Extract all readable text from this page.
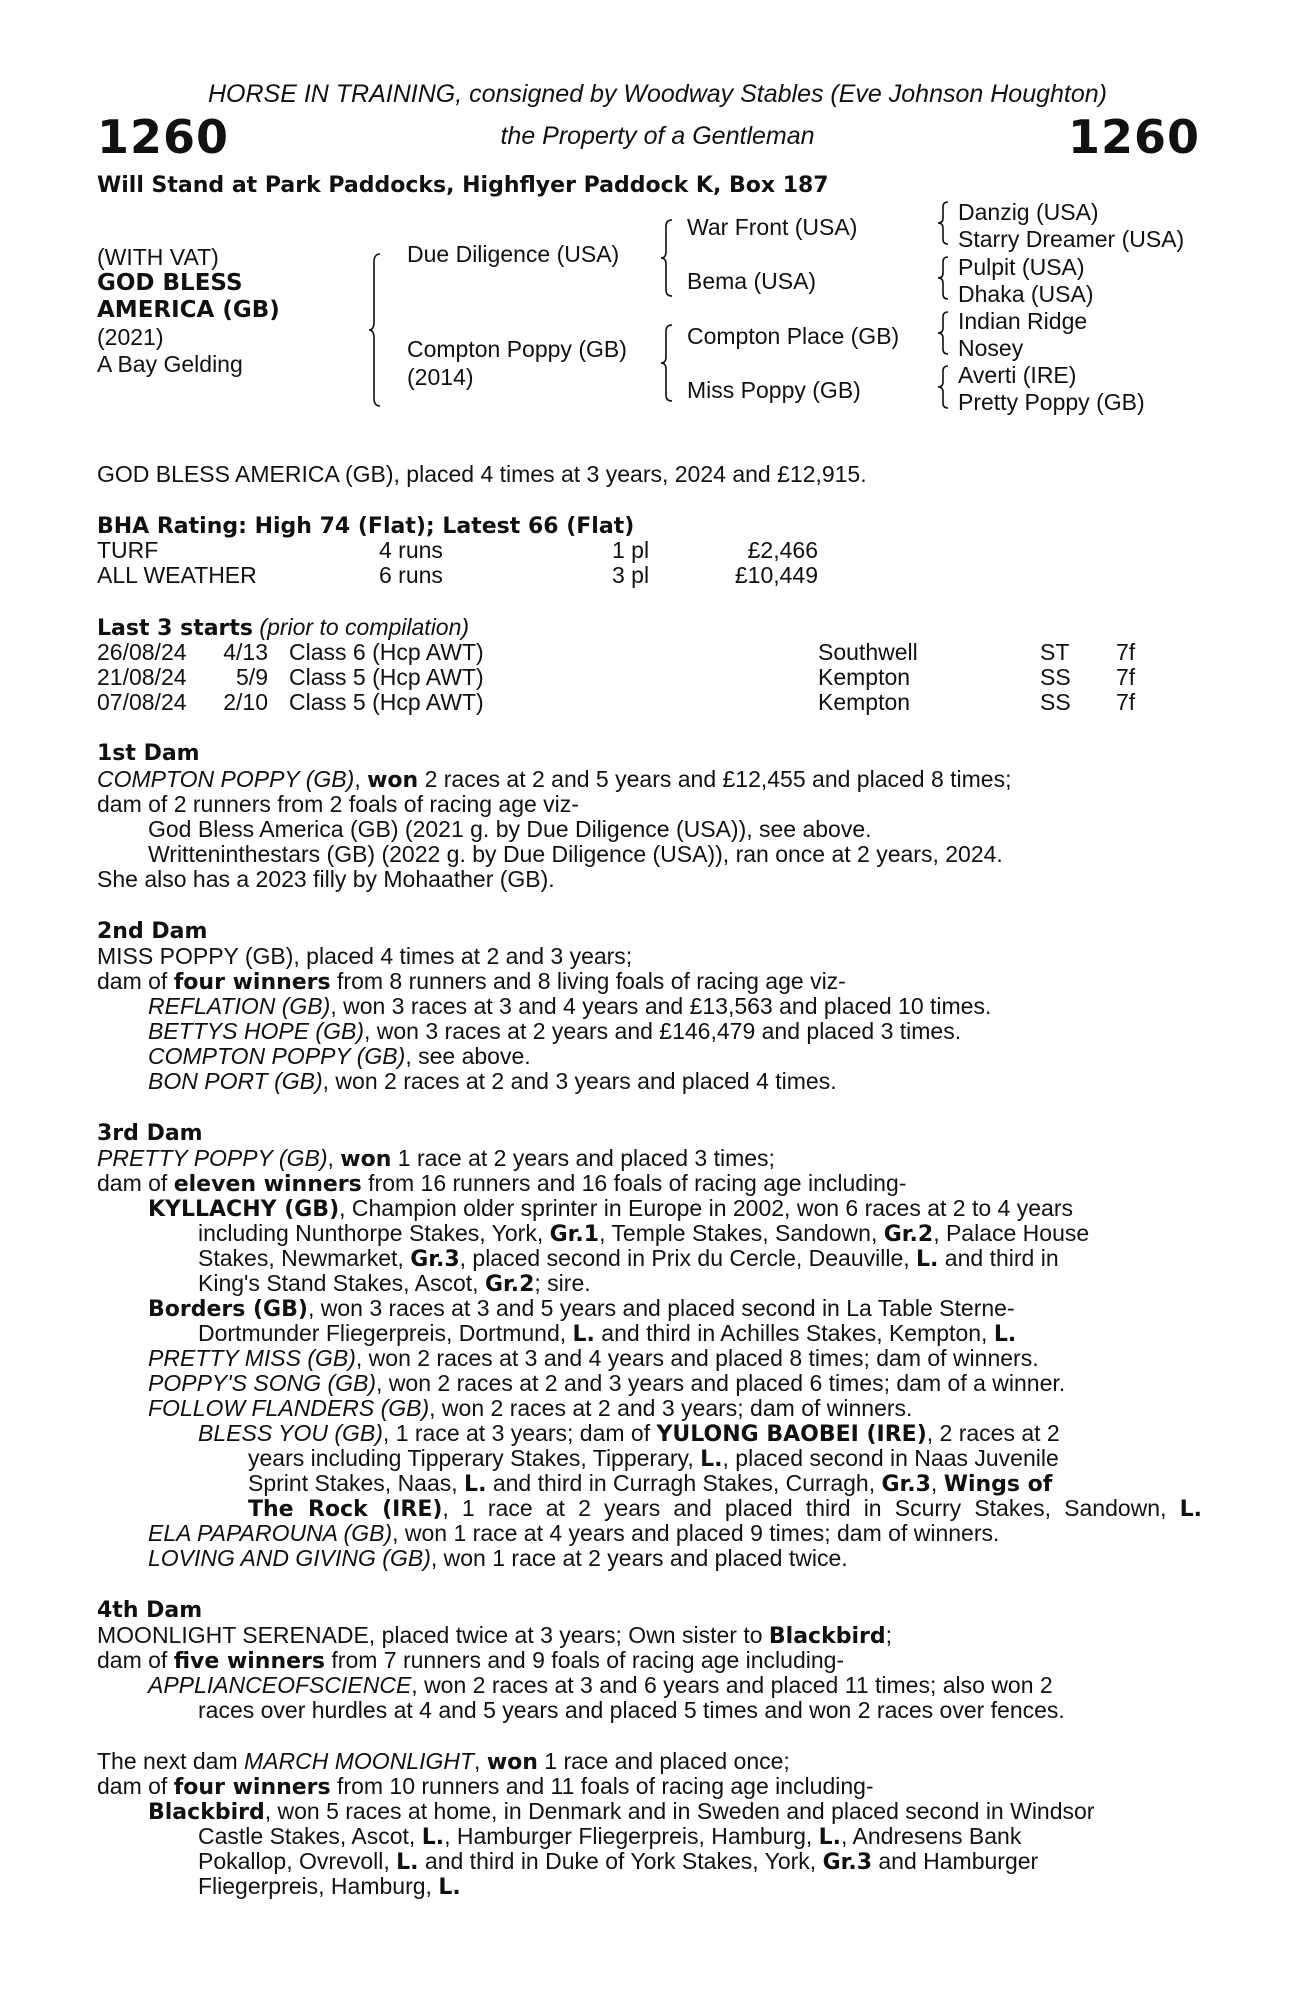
HORSE IN TRAINING, consigned by Woodway Stables (Eve Johnson Houghton)
1260	the Property of a Gentleman	1260
Will Stand at Park Paddocks, Highflyer Paddock K, Box 187
(WITH VAT)
GOD BLESS
AMERICA (GB)
(2021)
A Bay Gelding
Due Diligence (USA)
Compton Poppy (GB)
(2014)
War Front (USA)
Bema (USA)
Compton Place (GB)
Miss Poppy (GB)
Danzig (USA)
Starry Dreamer (USA)
Pulpit (USA)
Dhaka (USA)
Indian Ridge
Nosey
Averti (IRE)
Pretty Poppy (GB)
GOD BLESS AMERICA (GB), placed 4 times at 3 years, 2024 and £12,915.
BHA Rating: High 74 (Flat); Latest 66 (Flat)
TURF	4 runs	1 pl	£2,466
ALL WEATHER	6 runs	3 pl	£10,449
Last 3 starts (prior to compilation)
26/08/24	4/13 Class 6 (Hcp AWT)	Southwell	ST 7f
21/08/24	5/9 Class 5 (Hcp AWT)	Kempton	SS 7f
07/08/24	2/10 Class 5 (Hcp AWT)	Kempton	SS 7f
1st Dam
COMPTON POPPY (GB), won 2 races at 2 and 5 years and £12,455 and placed 8 times;
dam of 2 runners from 2 foals of racing age viz-
God Bless America (GB) (2021 g. by Due Diligence (USA)), see above.
Writteninthestars (GB) (2022 g. by Due Diligence (USA)), ran once at 2 years, 2024.
She also has a 2023 filly by Mohaather (GB).
2nd Dam
MISS POPPY (GB), placed 4 times at 2 and 3 years;
dam of four winners from 8 runners and 8 living foals of racing age viz-
REFLATION (GB), won 3 races at 3 and 4 years and £13,563 and placed 10 times.
BETTYS HOPE (GB), won 3 races at 2 years and £146,479 and placed 3 times.
COMPTON POPPY (GB), see above.
BON PORT (GB), won 2 races at 2 and 3 years and placed 4 times.
3rd Dam
PRETTY POPPY (GB), won 1 race at 2 years and placed 3 times;
dam of eleven winners from 16 runners and 16 foals of racing age including-
KYLLACHY (GB), Champion older sprinter in Europe in 2002, won 6 races at 2 to 4 years
including Nunthorpe Stakes, York, Gr.1, Temple Stakes, Sandown, Gr.2, Palace House
Stakes, Newmarket, Gr.3, placed second in Prix du Cercle, Deauville, L. and third in
King's Stand Stakes, Ascot, Gr.2; sire.
Borders (GB), won 3 races at 3 and 5 years and placed second in La Table Sterne-
Dortmunder Fliegerpreis, Dortmund, L. and third in Achilles Stakes, Kempton, L.
PRETTY MISS (GB), won 2 races at 3 and 4 years and placed 8 times; dam of winners.
POPPY'S SONG (GB), won 2 races at 2 and 3 years and placed 6 times; dam of a winner.
FOLLOW FLANDERS (GB), won 2 races at 2 and 3 years; dam of winners.
BLESS YOU (GB), 1 race at 3 years; dam of YULONG BAOBEI (IRE), 2 races at 2
years including Tipperary Stakes, Tipperary, L., placed second in Naas Juvenile
Sprint Stakes, Naas, L. and third in Curragh Stakes, Curragh, Gr.3, Wings of
The Rock (IRE), 1 race at 2 years and placed third in Scurry Stakes, Sandown, L.
ELA PAPAROUNA (GB), won 1 race at 4 years and placed 9 times; dam of winners.
LOVING AND GIVING (GB), won 1 race at 2 years and placed twice.
4th Dam
MOONLIGHT SERENADE, placed twice at 3 years; Own sister to Blackbird;
dam of five winners from 7 runners and 9 foals of racing age including-
APPLIANCEOFSCIENCE, won 2 races at 3 and 6 years and placed 11 times; also won 2
races over hurdles at 4 and 5 years and placed 5 times and won 2 races over fences.
The next dam MARCH MOONLIGHT, won 1 race and placed once;
dam of four winners from 10 runners and 11 foals of racing age including-
Blackbird, won 5 races at home, in Denmark and in Sweden and placed second in Windsor
Castle Stakes, Ascot, L., Hamburger Fliegerpreis, Hamburg, L., Andresens Bank
Pokallop, Ovrevoll, L. and third in Duke of York Stakes, York, Gr.3 and Hamburger
Fliegerpreis, Hamburg, L.
